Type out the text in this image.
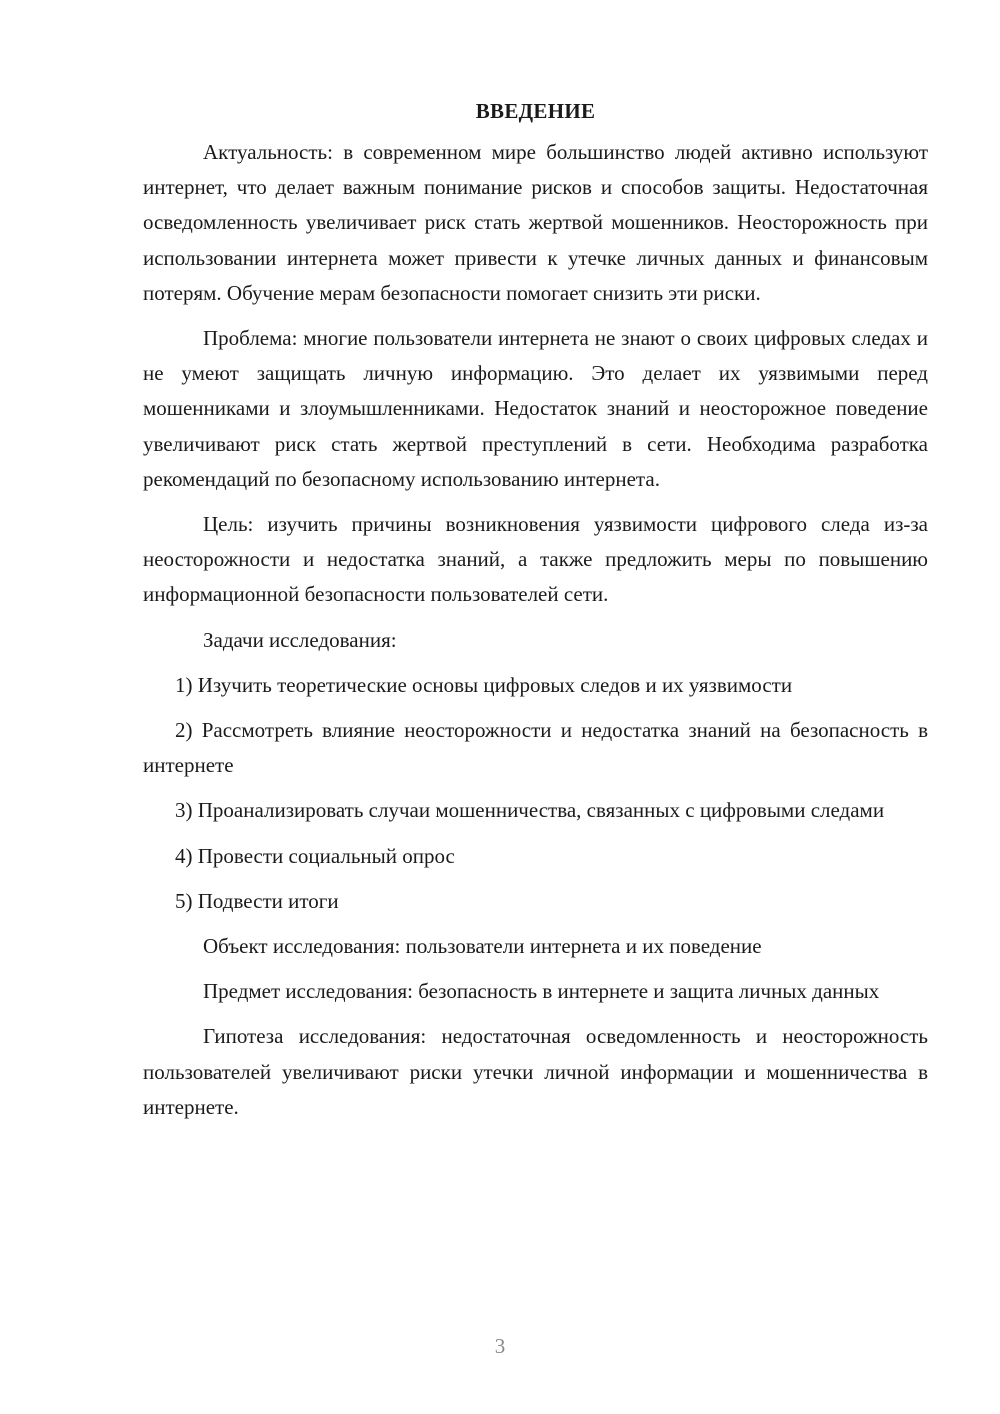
ВВЕДЕНИЕ

Актуальность: в современном мире большинство людей активно используют интернет, что делает важным понимание рисков и способов защиты. Недостаточная осведомленность увеличивает риск стать жертвой мошенников. Неосторожность при использовании интернета может привести к утечке личных данных и финансовым потерям. Обучение мерам безопасности помогает снизить эти риски.

Проблема: многие пользователи интернета не знают о своих цифровых следах и не умеют защищать личную информацию. Это делает их уязвимыми перед мошенниками и злоумышленниками. Недостаток знаний и неосторожное поведение увеличивают риск стать жертвой преступлений в сети. Необходима разработка рекомендаций по безопасному использованию интернета.

Цель: изучить причины возникновения уязвимости цифрового следа из-за неосторожности и недостатка знаний, а также предложить меры по повышению информационной безопасности пользователей сети.

Задачи исследования:

1) Изучить теоретические основы цифровых следов и их уязвимости

2) Рассмотреть влияние неосторожности и недостатка знаний на безопасность в интернете

3) Проанализировать случаи мошенничества, связанных с цифровыми следами

4) Провести социальный опрос

5) Подвести итоги

Объект исследования: пользователи интернета и их поведение

Предмет исследования: безопасность в интернете и защита личных данных

Гипотеза исследования: недостаточная осведомленность и неосторожность пользователей увеличивают риски утечки личной информации и мошенничества в интернете.

3
